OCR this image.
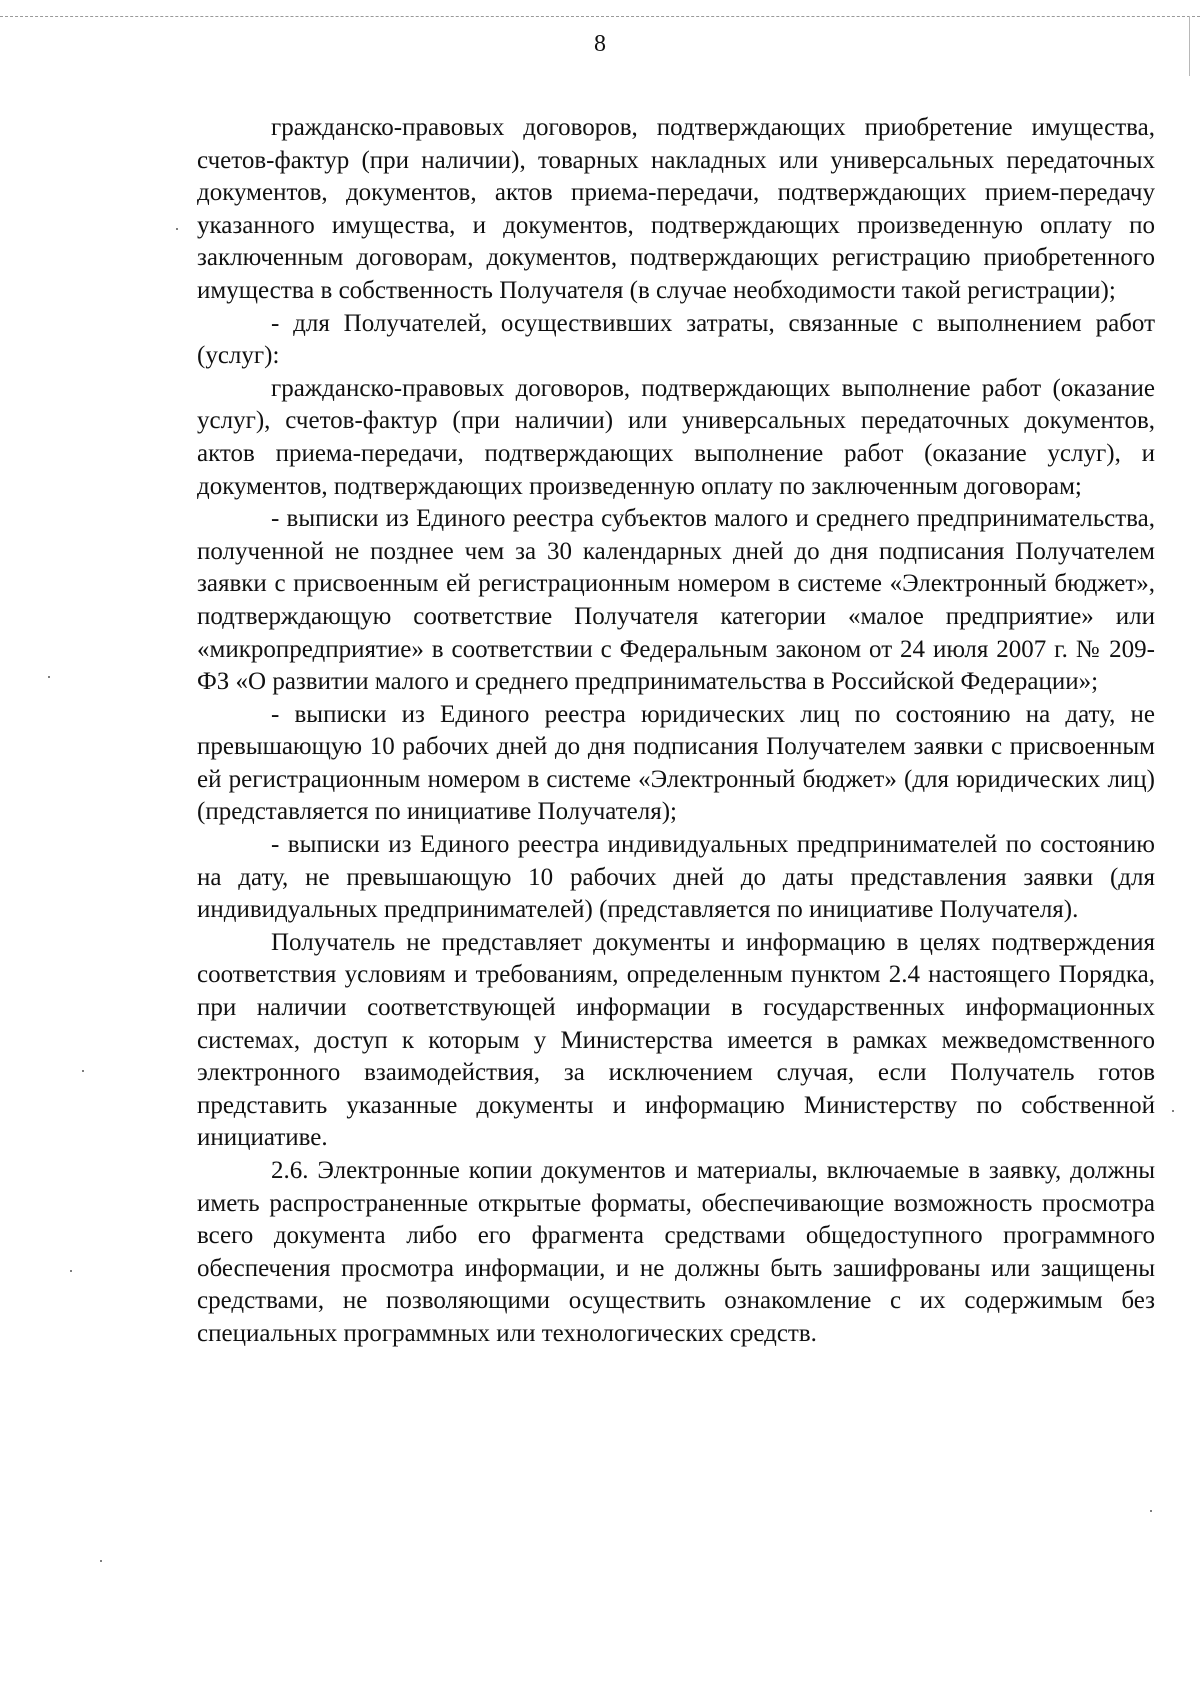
8

гражданско-правовых договоров, подтверждающих приобретение имущества, счетов-фактур (при наличии), товарных накладных или универсальных передаточных документов, документов, актов приема-передачи, подтверждающих прием-передачу указанного имущества, и документов, подтверждающих произведенную оплату по заключенным договорам, документов, подтверждающих регистрацию приобретенного имущества в собственность Получателя (в случае необходимости такой регистрации);

- для Получателей, осуществивших затраты, связанные с выполнением работ (услуг):

гражданско-правовых договоров, подтверждающих выполнение работ (оказание услуг), счетов-фактур (при наличии) или универсальных передаточных документов, актов приема-передачи, подтверждающих выполнение работ (оказание услуг), и документов, подтверждающих произведенную оплату по заключенным договорам;

- выписки из Единого реестра субъектов малого и среднего предпринимательства, полученной не позднее чем за 30 календарных дней до дня подписания Получателем заявки с присвоенным ей регистрационным номером в системе «Электронный бюджет», подтверждающую соответствие Получателя категории «малое предприятие» или «микропредприятие» в соответствии с Федеральным законом от 24 июля 2007 г. № 209-ФЗ «О развитии малого и среднего предпринимательства в Российской Федерации»;

- выписки из Единого реестра юридических лиц по состоянию на дату, не превышающую 10 рабочих дней до дня подписания Получателем заявки с присвоенным ей регистрационным номером в системе «Электронный бюджет» (для юридических лиц) (представляется по инициативе Получателя);

- выписки из Единого реестра индивидуальных предпринимателей по состоянию на дату, не превышающую 10 рабочих дней до даты представления заявки (для индивидуальных предпринимателей) (представляется по инициативе Получателя).

Получатель не представляет документы и информацию в целях подтверждения соответствия условиям и требованиям, определенным пунктом 2.4 настоящего Порядка, при наличии соответствующей информации в государственных информационных системах, доступ к которым у Министерства имеется в рамках межведомственного электронного взаимодействия, за исключением случая, если Получатель готов представить указанные документы и информацию Министерству по собственной инициативе.

2.6. Электронные копии документов и материалы, включаемые в заявку, должны иметь распространенные открытые форматы, обеспечивающие возможность просмотра всего документа либо его фрагмента средствами общедоступного программного обеспечения просмотра информации, и не должны быть зашифрованы или защищены средствами, не позволяющими осуществить ознакомление с их содержимым без специальных программных или технологических средств.
